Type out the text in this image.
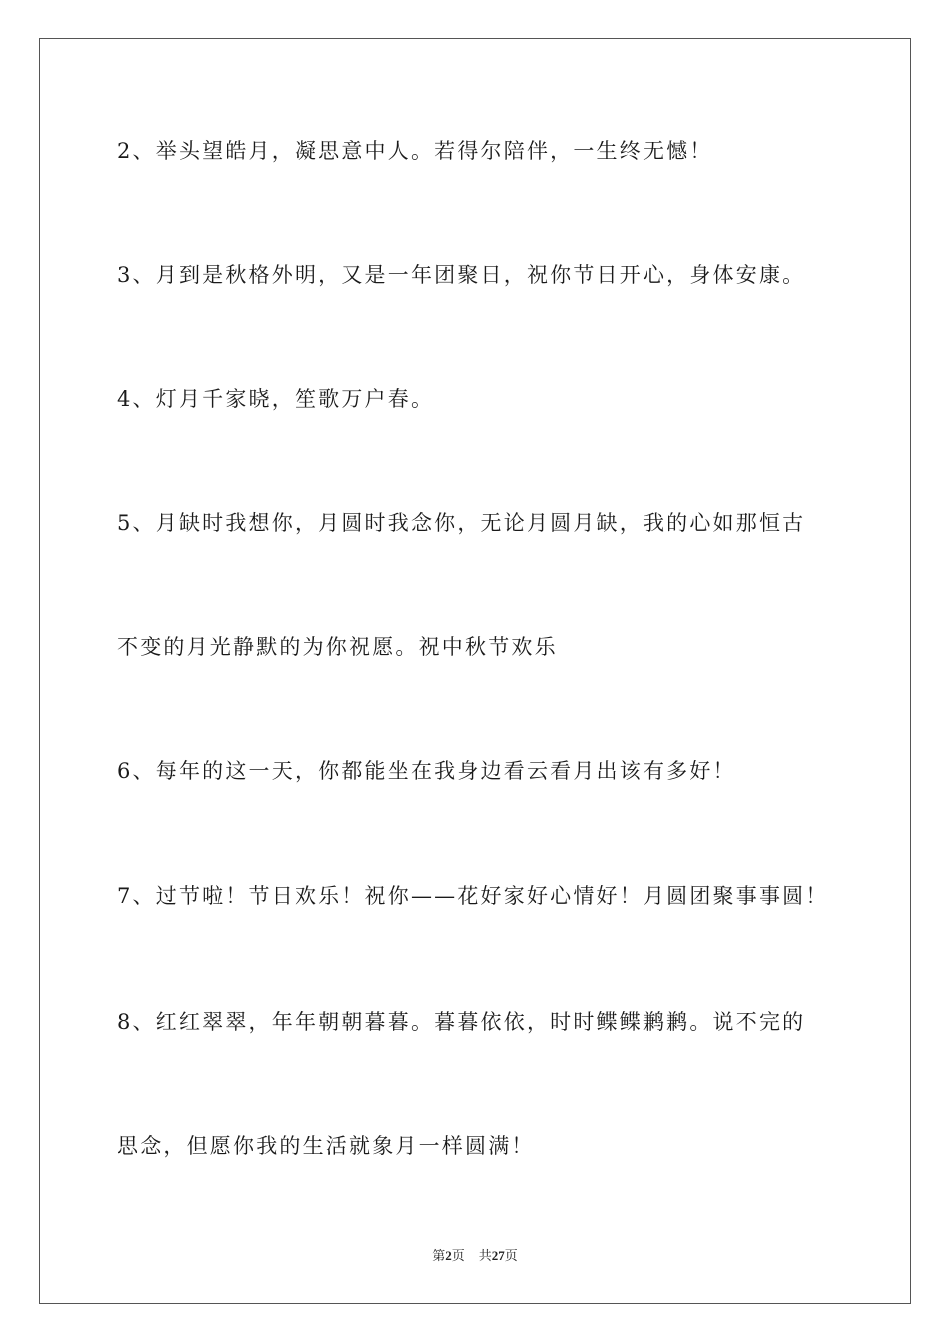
2、举头望皓月，凝思意中人。若得尔陪伴，一生终无憾！
3、月到是秋格外明，又是一年团聚日，祝你节日开心，身体安康。
4、灯月千家晓，笙歌万户春。
5、月缺时我想你，月圆时我念你，无论月圆月缺，我的心如那恒古
不变的月光静默的为你祝愿。祝中秋节欢乐
6、每年的这一天，你都能坐在我身边看云看月出该有多好！
7、过节啦！节日欢乐！祝你——花好家好心情好！月圆团聚事事圆！
8、红红翠翠，年年朝朝暮暮。暮暮依依，时时鲽鲽鹣鹣。说不完的
思念，但愿你我的生活就象月一样圆满！
第2页 共27页
